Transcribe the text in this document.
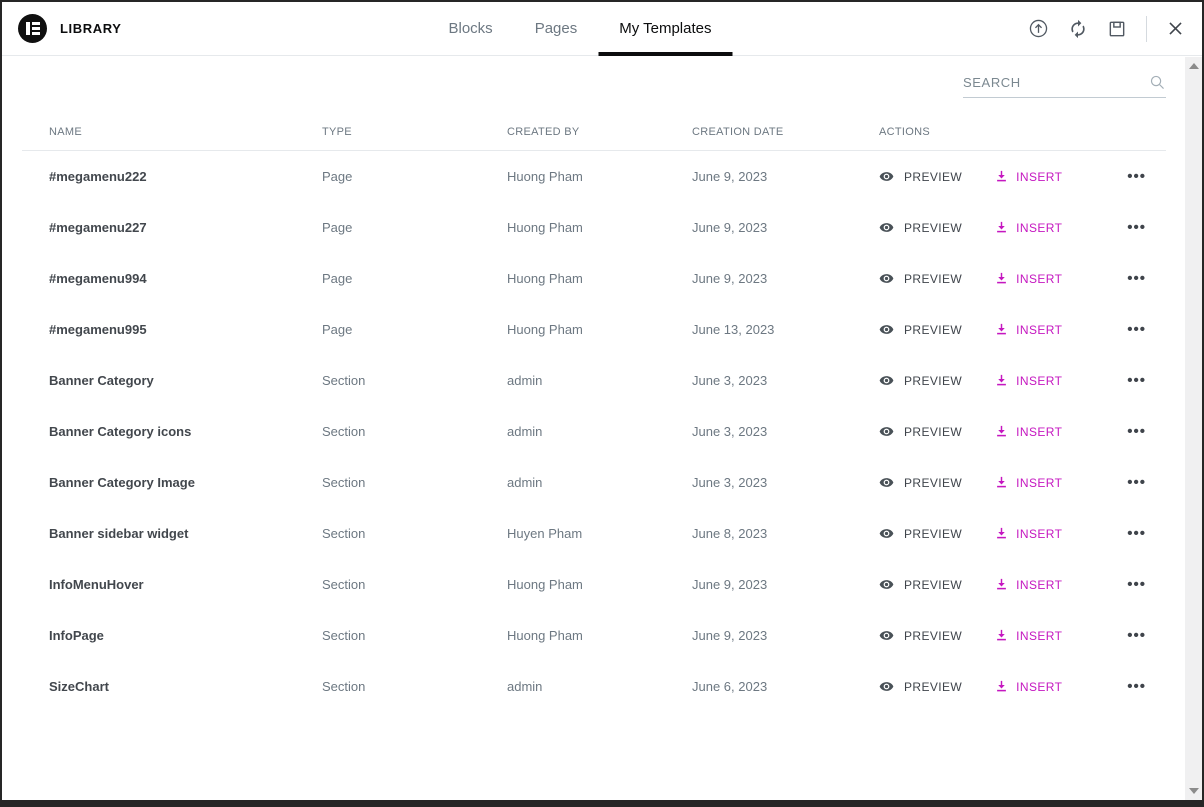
LIBRARY	Blocks	Pages	My Templates
SEARCH
NAME	TYPE	CREATED BY	CREATION DATE	ACTIONS
#megamenu222	Page	Huong Pham	June 9, 2023	PREVIEW	INSERT	•••
#megamenu227	Page	Huong Pham	June 9, 2023	PREVIEW	INSERT	•••
#megamenu994	Page	Huong Pham	June 9, 2023	PREVIEW	INSERT	•••
#megamenu995	Page	Huong Pham	June 13, 2023	PREVIEW	INSERT	•••
Banner Category	Section	admin	June 3, 2023	PREVIEW	INSERT	•••
Banner Category icons	Section	admin	June 3, 2023	PREVIEW	INSERT	•••
Banner Category Image	Section	admin	June 3, 2023	PREVIEW	INSERT	•••
Banner sidebar widget	Section	Huyen Pham	June 8, 2023	PREVIEW	INSERT	•••
InfoMenuHover	Section	Huong Pham	June 9, 2023	PREVIEW	INSERT	•••
InfoPage	Section	Huong Pham	June 9, 2023	PREVIEW	INSERT	•••
SizeChart	Section	admin	June 6, 2023	PREVIEW	INSERT	•••
